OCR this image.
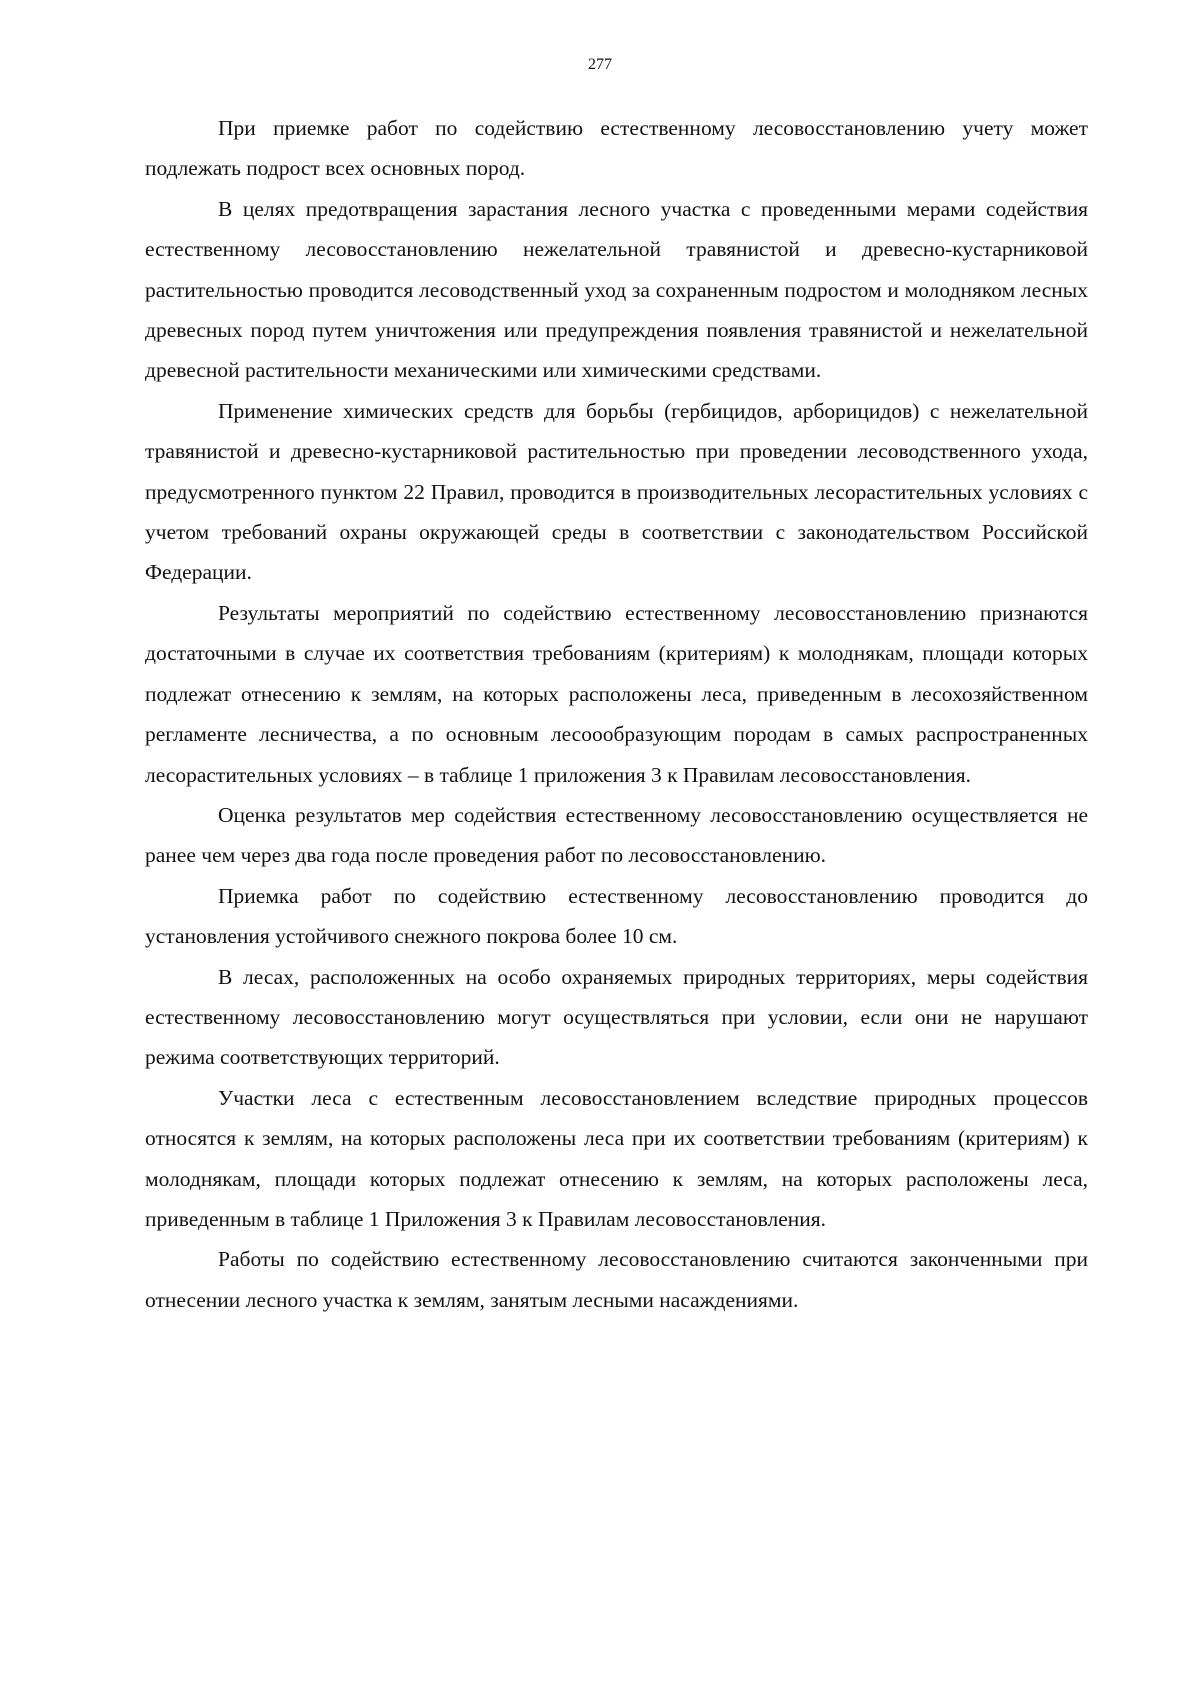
277

При приемке работ по содействию естественному лесовосстановлению учету может подлежать подрост всех основных пород.

В целях предотвращения зарастания лесного участка с проведенными мерами содействия естественному лесовосстановлению нежелательной травянистой и древесно-кустарниковой растительностью проводится лесоводственный уход за сохраненным подростом и молодняком лесных древесных пород путем уничтожения или предупреждения появления травянистой и нежелательной древесной растительности механическими или химическими средствами.

Применение химических средств для борьбы (гербицидов, арборицидов) с нежелательной травянистой и древесно-кустарниковой растительностью при проведении лесоводственного ухода, предусмотренного пунктом 22 Правил, проводится в производительных лесорастительных условиях с учетом требований охраны окружающей среды в соответствии с законодательством Российской Федерации.

Результаты мероприятий по содействию естественному лесовосстановлению признаются достаточными в случае их соответствия требованиям (критериям) к молоднякам, площади которых подлежат отнесению к землям, на которых расположены леса, приведенным в лесохозяйственном регламенте лесничества, а по основным лесоообразующим породам в самых распространенных лесорастительных условиях – в таблице 1 приложения 3 к Правилам лесовосстановления.

Оценка результатов мер содействия естественному лесовосстановлению осуществляется не ранее чем через два года после проведения работ по лесовосстановлению.

Приемка работ по содействию естественному лесовосстановлению проводится до установления устойчивого снежного покрова более 10 см.

В лесах, расположенных на особо охраняемых природных территориях, меры содействия естественному лесовосстановлению могут осуществляться при условии, если они не нарушают режима соответствующих территорий.

Участки леса с естественным лесовосстановлением вследствие природных процессов относятся к землям, на которых расположены леса при их соответствии требованиям (критериям) к молоднякам, площади которых подлежат отнесению к землям, на которых расположены леса, приведенным в таблице 1 Приложения 3 к Правилам лесовосстановления.

Работы по содействию естественному лесовосстановлению считаются законченными при отнесении лесного участка к землям, занятым лесными насаждениями.
